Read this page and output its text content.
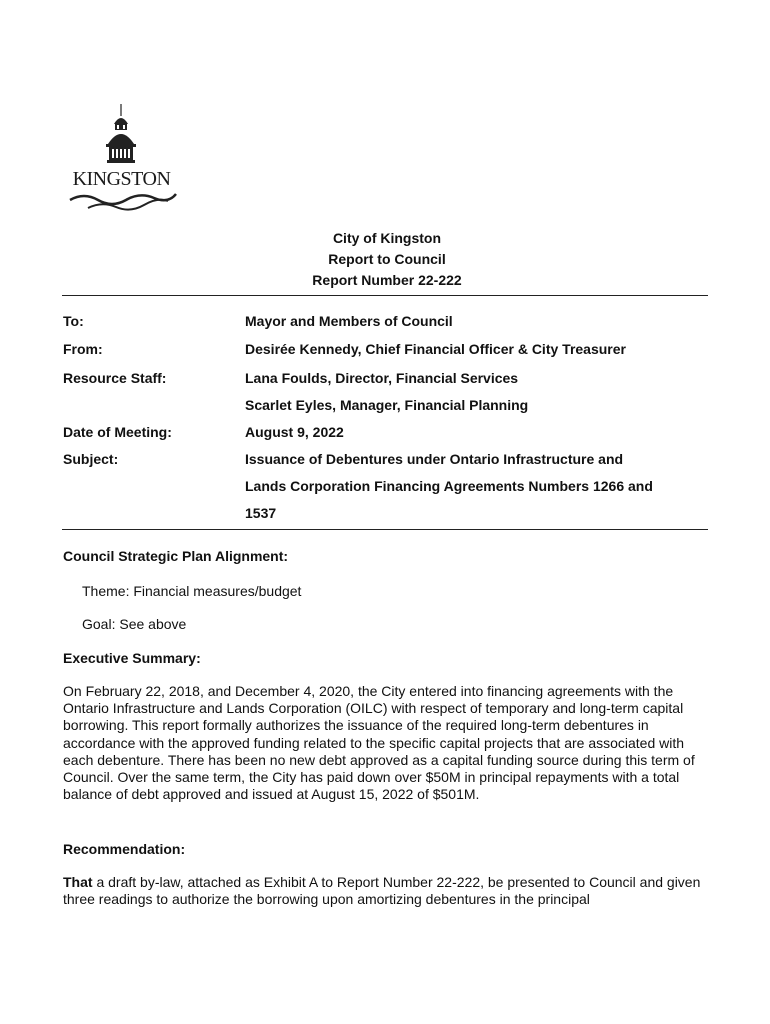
KINGSTON
City of Kingston
Report to Council
Report Number 22-222
To:	Mayor and Members of Council
From:	Desirée Kennedy, Chief Financial Officer & City Treasurer
Resource Staff:	Lana Foulds, Director, Financial Services
Scarlet Eyles, Manager, Financial Planning
Date of Meeting:	August 9, 2022
Subject:	Issuance of Debentures under Ontario Infrastructure and
Lands Corporation Financing Agreements Numbers 1266 and
1537
Council Strategic Plan Alignment:
Theme: Financial measures/budget
Goal: See above
Executive Summary:
On February 22, 2018, and December 4, 2020, the City entered into financing agreements with the Ontario Infrastructure and Lands Corporation (OILC) with respect of temporary and long-term capital borrowing. This report formally authorizes the issuance of the required long-term debentures in accordance with the approved funding related to the specific capital projects that are associated with each debenture. There has been no new debt approved as a capital funding source during this term of Council. Over the same term, the City has paid down over $50M in principal repayments with a total balance of debt approved and issued at August 15, 2022 of $501M.
Recommendation:
That a draft by-law, attached as Exhibit A to Report Number 22-222, be presented to Council and given three readings to authorize the borrowing upon amortizing debentures in the principal
